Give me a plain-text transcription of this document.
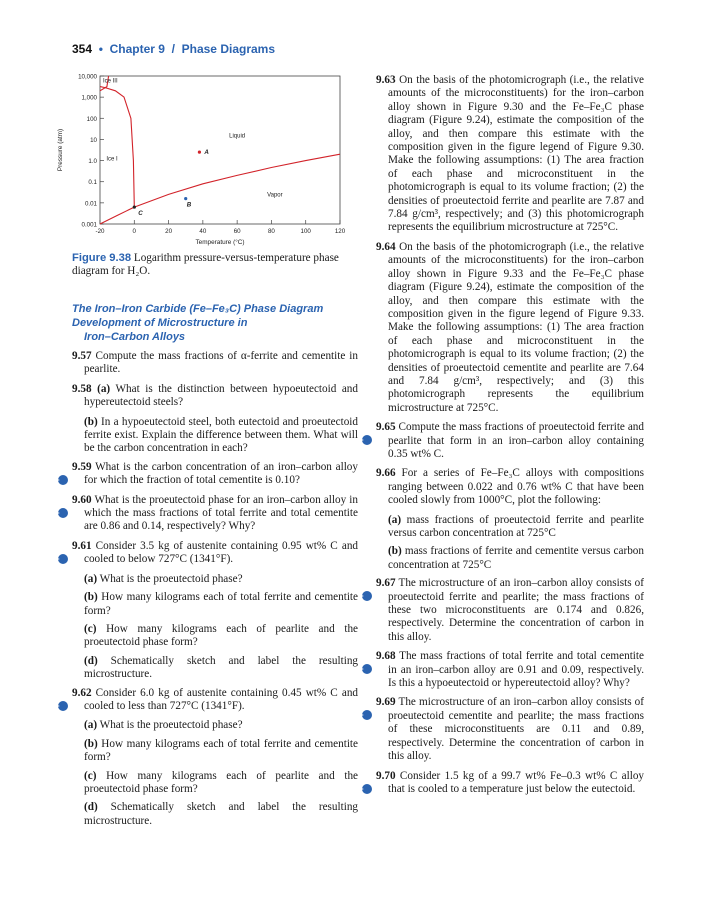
354 • Chapter 9 / Phase Diagrams
10,000
1,000
100
10
1.0
0.1
0.01
0.001
-20	0	20	40	60	80	100	120
Temperature (°C)
Pressure (atm)
Ice III
Ice I
Liquid
Vapor
A
B
C
Figure 9.38 Logarithm pressure-versus-temperature phase diagram for H₂O.
The Iron–Iron Carbide (Fe–Fe₃C) Phase Diagram
Development of Microstructure in
Iron–Carbon Alloys
9.57 Compute the mass fractions of α-ferrite and cementite in pearlite.
9.58 (a) What is the distinction between hypoeutectoid and hypereutectoid steels?
(b) In a hypoeutectoid steel, both eutectoid and proeutectoid ferrite exist. Explain the difference between them. What will be the carbon concentration in each?
+
9.59 What is the carbon concentration of an iron–carbon alloy for which the fraction of total cementite is 0.10?
+
9.60 What is the proeutectoid phase for an iron–carbon alloy in which the mass fractions of total ferrite and total cementite are 0.86 and 0.14, respectively? Why?
+
9.61 Consider 3.5 kg of austenite containing 0.95 wt% C and cooled to below 727°C (1341°F).
(a) What is the proeutectoid phase?
(b) How many kilograms each of total ferrite and cementite form?
(c) How many kilograms each of pearlite and the proeutectoid phase form?
(d) Schematically sketch and label the resulting microstructure.
+
9.62 Consider 6.0 kg of austenite containing 0.45 wt% C and cooled to less than 727°C (1341°F).
(a) What is the proeutectoid phase?
(b) How many kilograms each of total ferrite and cementite form?
(c) How many kilograms each of pearlite and the proeutectoid phase form?
(d) Schematically sketch and label the resulting microstructure.
9.63 On the basis of the photomicrograph (i.e., the relative amounts of the microconstituents) for the iron–carbon alloy shown in Figure 9.30 and the Fe–Fe₃C phase diagram (Figure 9.24), estimate the composition of the alloy, and then compare this estimate with the composition given in the figure legend of Figure 9.30. Make the following assumptions: (1) The area fraction of each phase and microconstituent in the photomicrograph is equal to its volume fraction; (2) the densities of proeutectoid ferrite and pearlite are 7.87 and 7.84 g/cm³, respectively; and (3) this photomicrograph represents the equilibrium microstructure at 725°C.
9.64 On the basis of the photomicrograph (i.e., the relative amounts of the microconstituents) for the iron–carbon alloy shown in Figure 9.33 and the Fe–Fe₃C phase diagram (Figure 9.24), estimate the composition of the alloy, and then compare this estimate with the composition given in the figure legend of Figure 9.33. Make the following assumptions: (1) The area fraction of each phase and microconstituent in the photomicrograph is equal to its volume fraction; (2) the densities of proeutectoid cementite and pearlite are 7.64 and 7.84 g/cm³, respectively; and (3) this photomicrograph represents the equilibrium microstructure at 725°C.
+
9.65 Compute the mass fractions of proeutectoid ferrite and pearlite that form in an iron–carbon alloy containing 0.35 wt% C.
9.66 For a series of Fe–Fe₃C alloys with compositions ranging between 0.022 and 0.76 wt% C that have been cooled slowly from 1000°C, plot the following:
(a) mass fractions of proeutectoid ferrite and pearlite versus carbon concentration at 725°C
(b) mass fractions of ferrite and cementite versus carbon concentration at 725°C
+
9.67 The microstructure of an iron–carbon alloy consists of proeutectoid ferrite and pearlite; the mass fractions of these two microconstituents are 0.174 and 0.826, respectively. Determine the concentration of carbon in this alloy.
+
9.68 The mass fractions of total ferrite and total cementite in an iron–carbon alloy are 0.91 and 0.09, respectively. Is this a hypoeutectoid or hypereutectoid alloy? Why?
+
9.69 The microstructure of an iron–carbon alloy consists of proeutectoid cementite and pearlite; the mass fractions of these microconstituents are 0.11 and 0.89, respectively. Determine the concentration of carbon in this alloy.
+
9.70 Consider 1.5 kg of a 99.7 wt% Fe–0.3 wt% C alloy that is cooled to a temperature just below the eutectoid.
